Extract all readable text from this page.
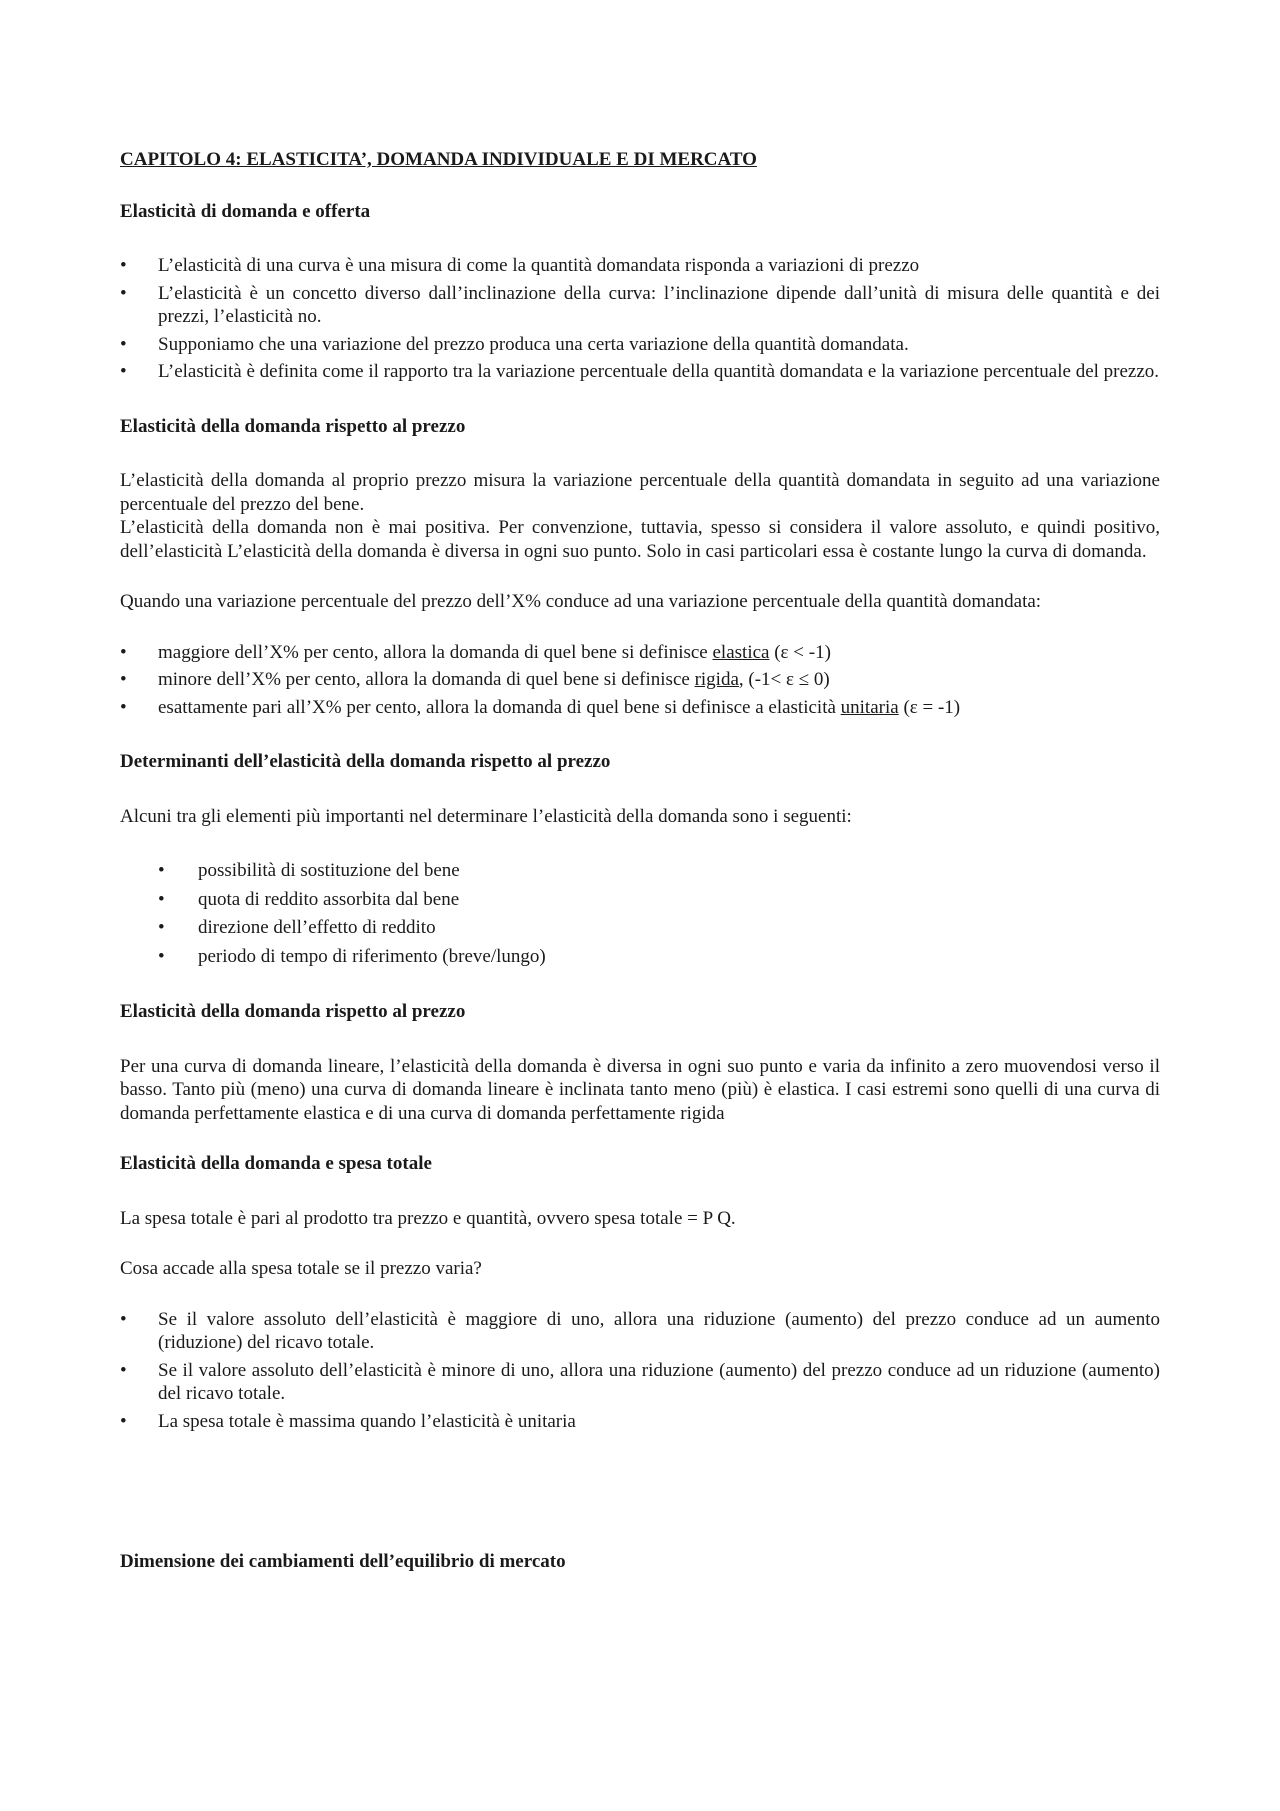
CAPITOLO 4: ELASTICITA’, DOMANDA INDIVIDUALE E DI MERCATO
Elasticità di domanda e offerta
•	L’elasticità di una curva è una misura di come la quantità domandata risponda a variazioni di prezzo
•	L’elasticità è un concetto diverso dall’inclinazione della curva: l’inclinazione dipende dall’unità di misura delle quantità e dei prezzi, l’elasticità no.
•	Supponiamo che una variazione del prezzo produca una certa variazione della quantità domandata.
•	L’elasticità è definita come il rapporto tra la variazione percentuale della quantità domandata e la variazione percentuale del prezzo.
Elasticità della domanda rispetto al prezzo

L’elasticità della domanda al proprio prezzo misura la variazione percentuale della quantità domandata in seguito ad una variazione percentuale del prezzo del bene.

L’elasticità della domanda non è mai positiva. Per convenzione, tuttavia, spesso si considera il valore assoluto, e quindi positivo, dell’elasticità L’elasticità della domanda è diversa in ogni suo punto. Solo in casi particolari essa è costante lungo la curva di domanda.

Quando una variazione percentuale del prezzo dell’X% conduce ad una variazione percentuale della quantità domandata:

•	maggiore dell’X% per cento, allora la domanda di quel bene si definisce elastica (ε < -1)
•	minore dell’X% per cento, allora la domanda di quel bene si definisce rigida, (-1< ε ≤ 0)
•	esattamente pari all’X% per cento, allora la domanda di quel bene si definisce a elasticità unitaria (ε = -1)
Determinanti dell’elasticità della domanda rispetto al prezzo

Alcuni tra gli elementi più importanti nel determinare l’elasticità della domanda sono i seguenti:

•	possibilità di sostituzione del bene
•	quota di reddito assorbita dal bene
•	direzione dell’effetto di reddito
•	periodo di tempo di riferimento (breve/lungo)
Elasticità della domanda rispetto al prezzo

Per una curva di domanda lineare, l’elasticità della domanda è diversa in ogni suo punto e varia da infinito a zero muovendosi verso il basso. Tanto più (meno) una curva di domanda lineare è inclinata tanto meno (più) è elastica. I casi estremi sono quelli di una curva di domanda perfettamente elastica e di una curva di domanda perfettamente rigida

Elasticità della domanda e spesa totale

La spesa totale è pari al prodotto tra prezzo e quantità, ovvero spesa totale = P Q.

Cosa accade alla spesa totale se il prezzo varia?

•	Se il valore assoluto dell’elasticità è maggiore di uno, allora una riduzione (aumento) del prezzo conduce ad un aumento (riduzione) del ricavo totale.
•	Se il valore assoluto dell’elasticità è minore di uno, allora una riduzione (aumento) del prezzo conduce ad un riduzione (aumento) del ricavo totale.
•	La spesa totale è massima quando l’elasticità è unitaria
Dimensione dei cambiamenti dell’equilibrio di mercato
